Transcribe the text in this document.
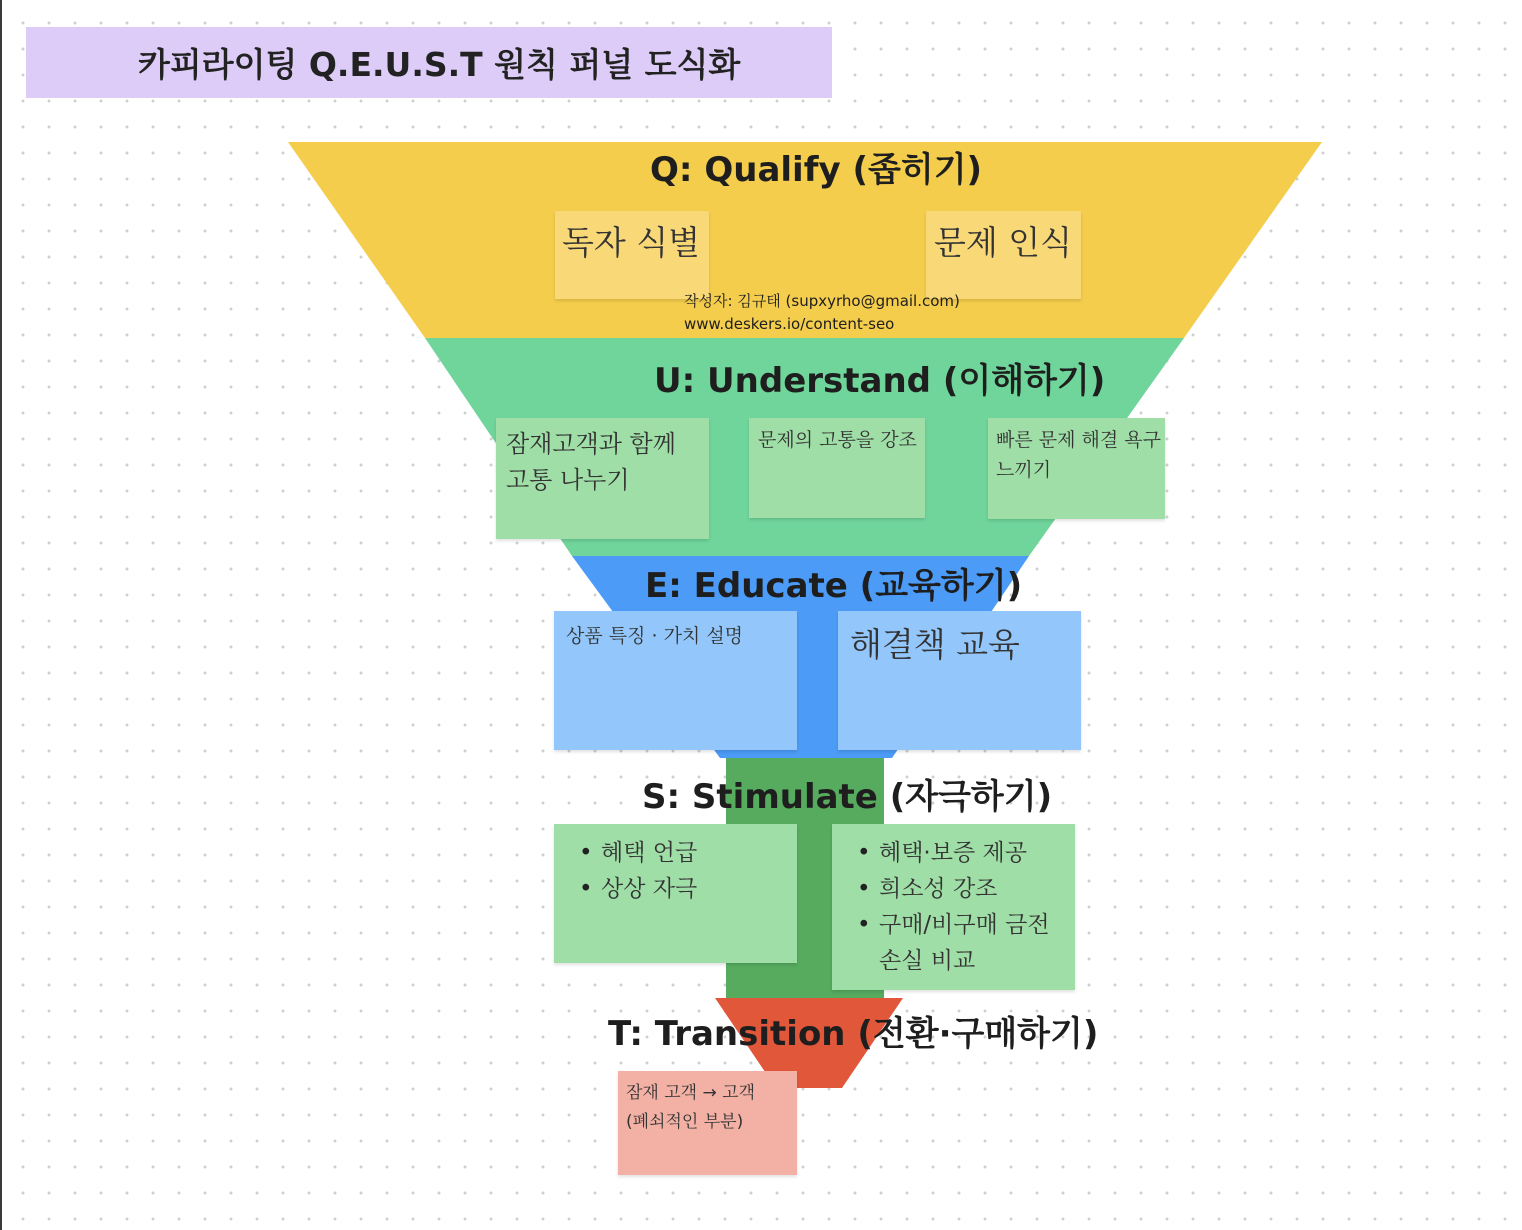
카피라이팅 Q.E.U.S.T 원칙 퍼널 도식화
Q: Qualify (좁히기)
독자 식별	문제 인식
작성자: 김규태 (supxyrho@gmail.com)
www.deskers.io/content-seo
U: Understand (이해하기)
잠재고객과 함께
고통 나누기
문제의 고통을 강조	빠른 문제 해결 욕구
느끼기
E: Educate (교육하기)
상품 특징 · 가치 설명	해결책 교육
S: Stimulate (자극하기)
• 혜택 언급
• 상상 자극
• 혜택·보증 제공
• 희소성 강조
• 구매/비구매 금전 손실 비교
T: Transition (전환·구매하기)
잠재 고객 → 고객
(폐쇠적인 부분)
